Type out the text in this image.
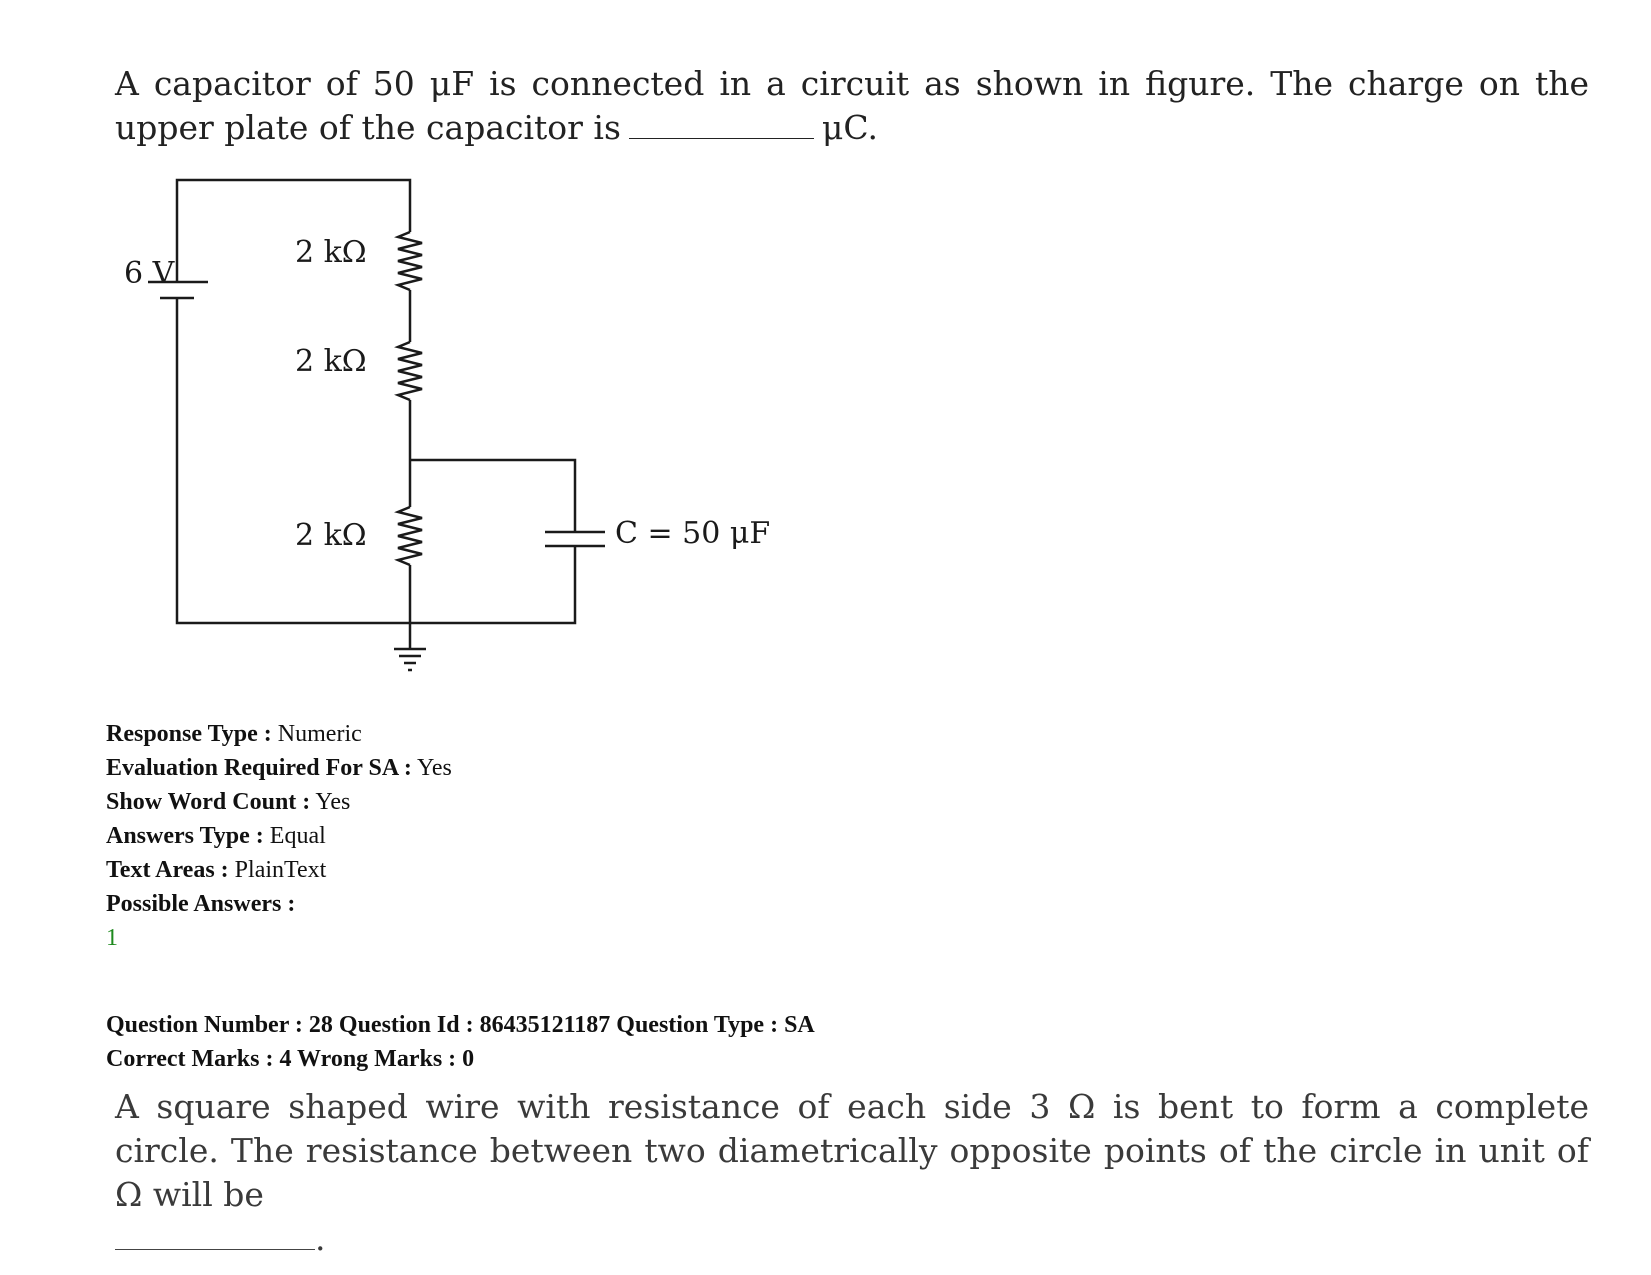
A capacitor of 50 μF is connected in a circuit as shown in figure. The charge on the upper plate of the capacitor is	μC.
6 V
2 kΩ
2 kΩ
2 kΩ	C = 50 μF
Response Type : Numeric
Evaluation Required For SA : Yes
Show Word Count : Yes
Answers Type : Equal
Text Areas : PlainText
Possible Answers :
1
Question Number : 28 Question Id : 86435121187 Question Type : SA
Correct Marks : 4 Wrong Marks : 0
A square shaped wire with resistance of each side 3 Ω is bent to form a complete circle. The resistance between two diametrically opposite points of the circle in unit of Ω will be
.
